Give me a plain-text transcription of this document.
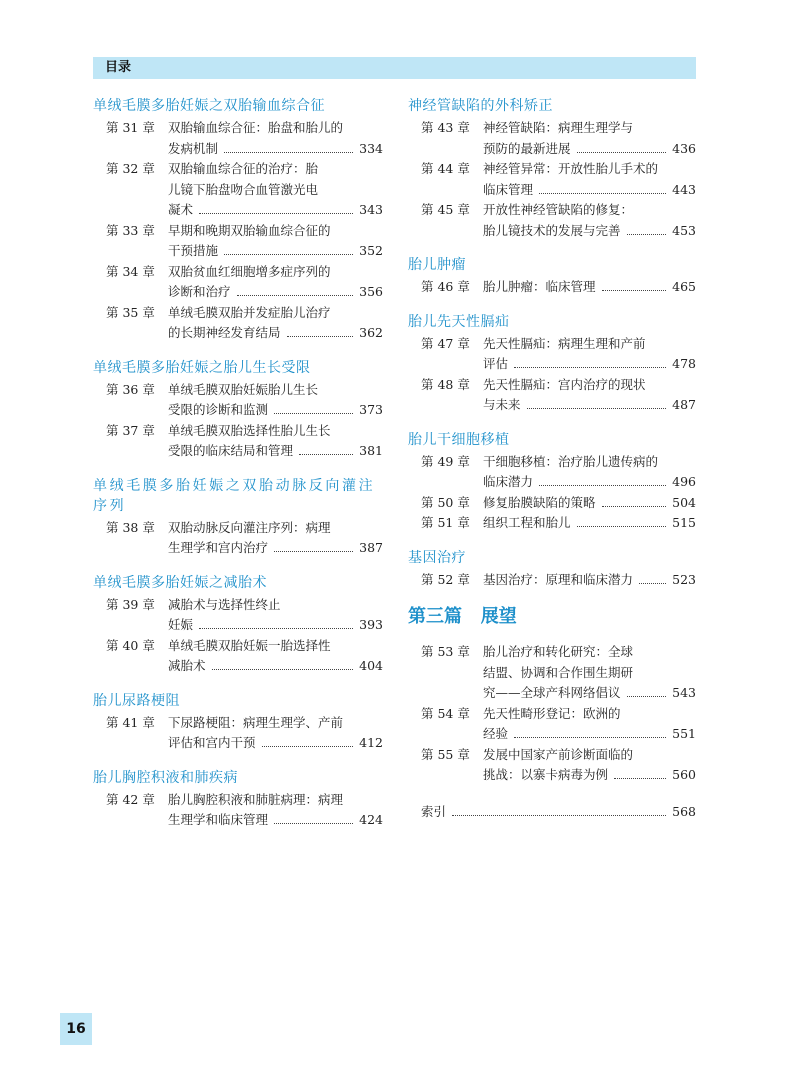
目录
单绒毛膜多胎妊娠之双胎输血综合征
第 31 章	双胎输血综合征：胎盘和胎儿的
发病机制	334
第 32 章	双胎输血综合征的治疗：胎
儿镜下胎盘吻合血管激光电
凝术	343
第 33 章	早期和晚期双胎输血综合征的
干预措施	352
第 34 章	双胎贫血红细胞增多症序列的
诊断和治疗	356
第 35 章	单绒毛膜双胎并发症胎儿治疗
的长期神经发育结局	362
单绒毛膜多胎妊娠之胎儿生长受限
第 36 章	单绒毛膜双胎妊娠胎儿生长
受限的诊断和监测	373
第 37 章	单绒毛膜双胎选择性胎儿生长
受限的临床结局和管理	381
单绒毛膜多胎妊娠之双胎动脉反向灌注序列
第 38 章	双胎动脉反向灌注序列：病理
生理学和宫内治疗	387
单绒毛膜多胎妊娠之减胎术
第 39 章	减胎术与选择性终止
妊娠	393
第 40 章	单绒毛膜双胎妊娠一胎选择性
减胎术	404
胎儿尿路梗阻
第 41 章	下尿路梗阻：病理生理学、产前
评估和宫内干预	412
胎儿胸腔积液和肺疾病
第 42 章	胎儿胸腔积液和肺脏病理：病理
生理学和临床管理	424
神经管缺陷的外科矫正
第 43 章	神经管缺陷：病理生理学与
预防的最新进展	436
第 44 章	神经管异常：开放性胎儿手术的
临床管理	443
第 45 章	开放性神经管缺陷的修复：
胎儿镜技术的发展与完善	453
胎儿肿瘤
第 46 章	胎儿肿瘤：临床管理	465
胎儿先天性膈疝
第 47 章	先天性膈疝：病理生理和产前
评估	478
第 48 章	先天性膈疝：宫内治疗的现状
与未来	487
胎儿干细胞移植
第 49 章	干细胞移植：治疗胎儿遗传病的
临床潜力	496
第 50 章	修复胎膜缺陷的策略	504
第 51 章	组织工程和胎儿	515
基因治疗
第 52 章	基因治疗：原理和临床潜力	523
第三篇   展望
第 53 章	胎儿治疗和转化研究：全球
结盟、协调和合作围生期研
究——全球产科网络倡议	543
第 54 章	先天性畸形登记：欧洲的
经验	551
第 55 章	发展中国家产前诊断面临的
挑战：以寨卡病毒为例	560
索引	568
16
